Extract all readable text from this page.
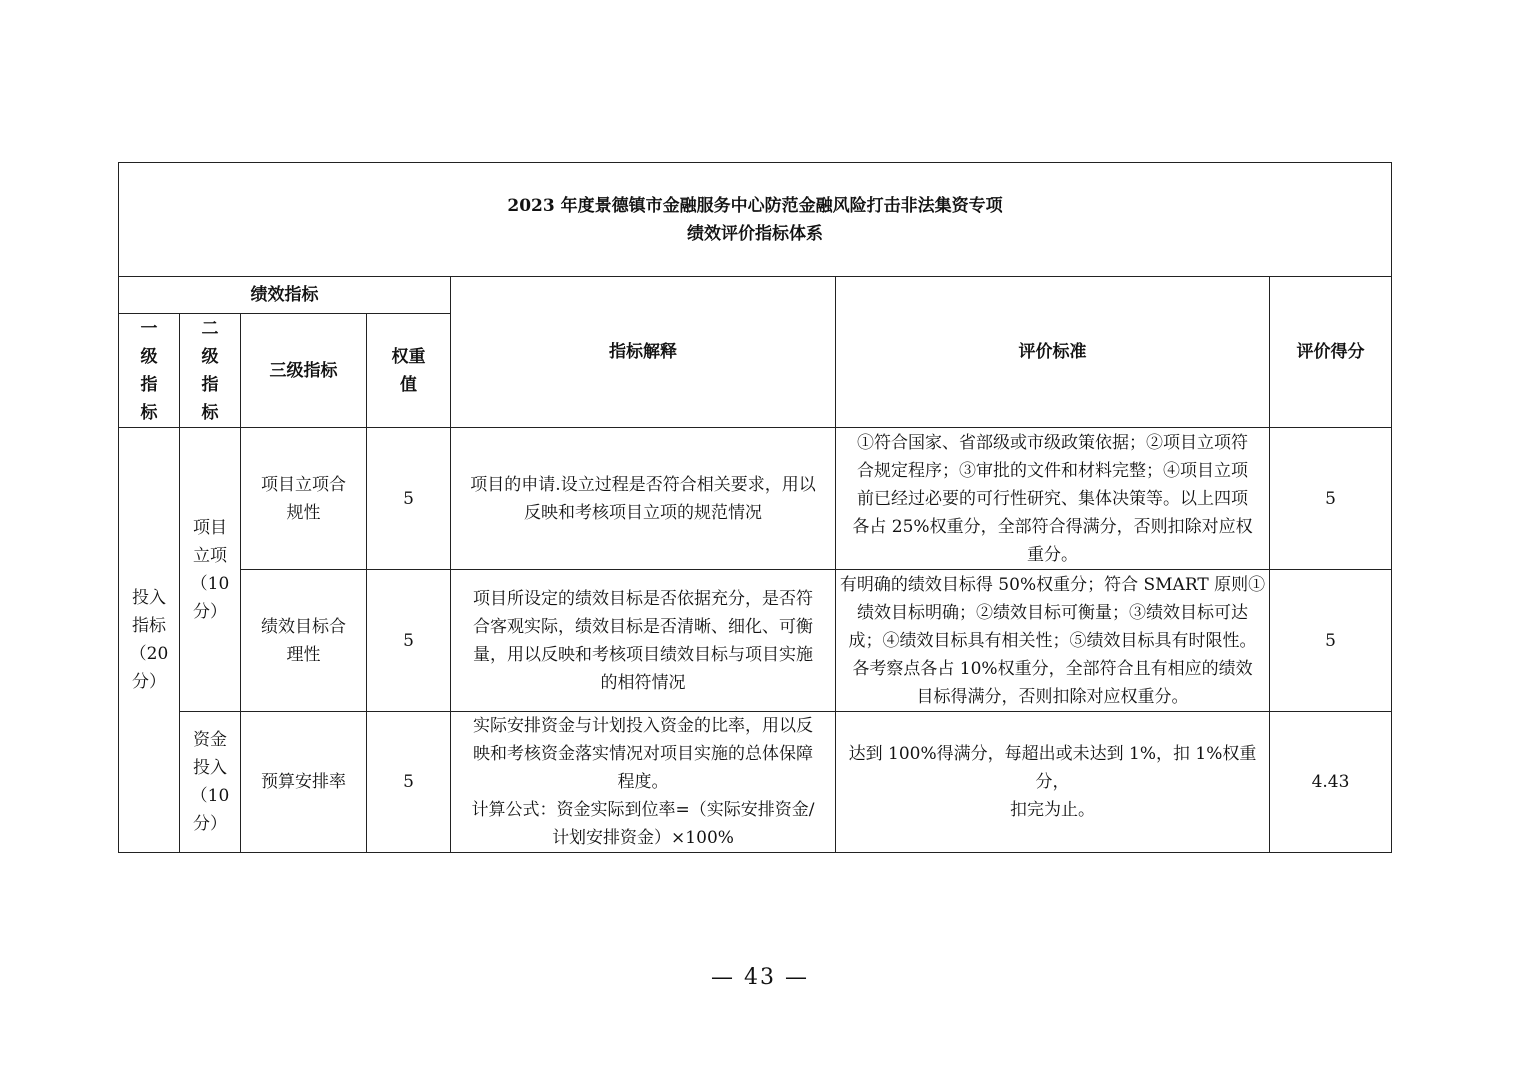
2023 年度景德镇市金融服务中心防范金融风险打击非法集资专项
绩效评价指标体系						

绩效指标				指标解释	评价标准	评价得分

一
级
指
标	二
级
指
标	三级指标	权重
值			

投入
指标
（20
分）	项目
立项
（10
分）	项目立项合
规性	5	项目的申请.设立过程是否符合相关要求，用以
反映和考核项目立项的规范情况	①符合国家、省部级或市级政策依据；②项目立项符
合规定程序；③审批的文件和材料完整；④项目立项
前已经过必要的可行性研究、集体决策等。以上四项
各占 25%权重分，全部符合得满分，否则扣除对应权
重分。	5

		绩效目标合
理性	5	项目所设定的绩效目标是否依据充分，是否符
合客观实际，绩效目标是否清晰、细化、可衡
量，用以反映和考核项目绩效目标与项目实施
的相符情况	有明确的绩效目标得 50%权重分；符合 SMART 原则①
绩效目标明确；②绩效目标可衡量；③绩效目标可达
成；④绩效目标具有相关性；⑤绩效目标具有时限性。
各考察点各占 10%权重分，全部符合且有相应的绩效
目标得满分，否则扣除对应权重分。	5

	资金
投入
（10
分）	预算安排率	5	实际安排资金与计划投入资金的比率，用以反
映和考核资金落实情况对项目实施的总体保障
程度。
计算公式：资金实际到位率=（实际安排资金/
计划安排资金）×100%	达到 100%得满分，每超出或未达到 1%，扣 1%权重分，
扣完为止。	4.43
— 43 —
